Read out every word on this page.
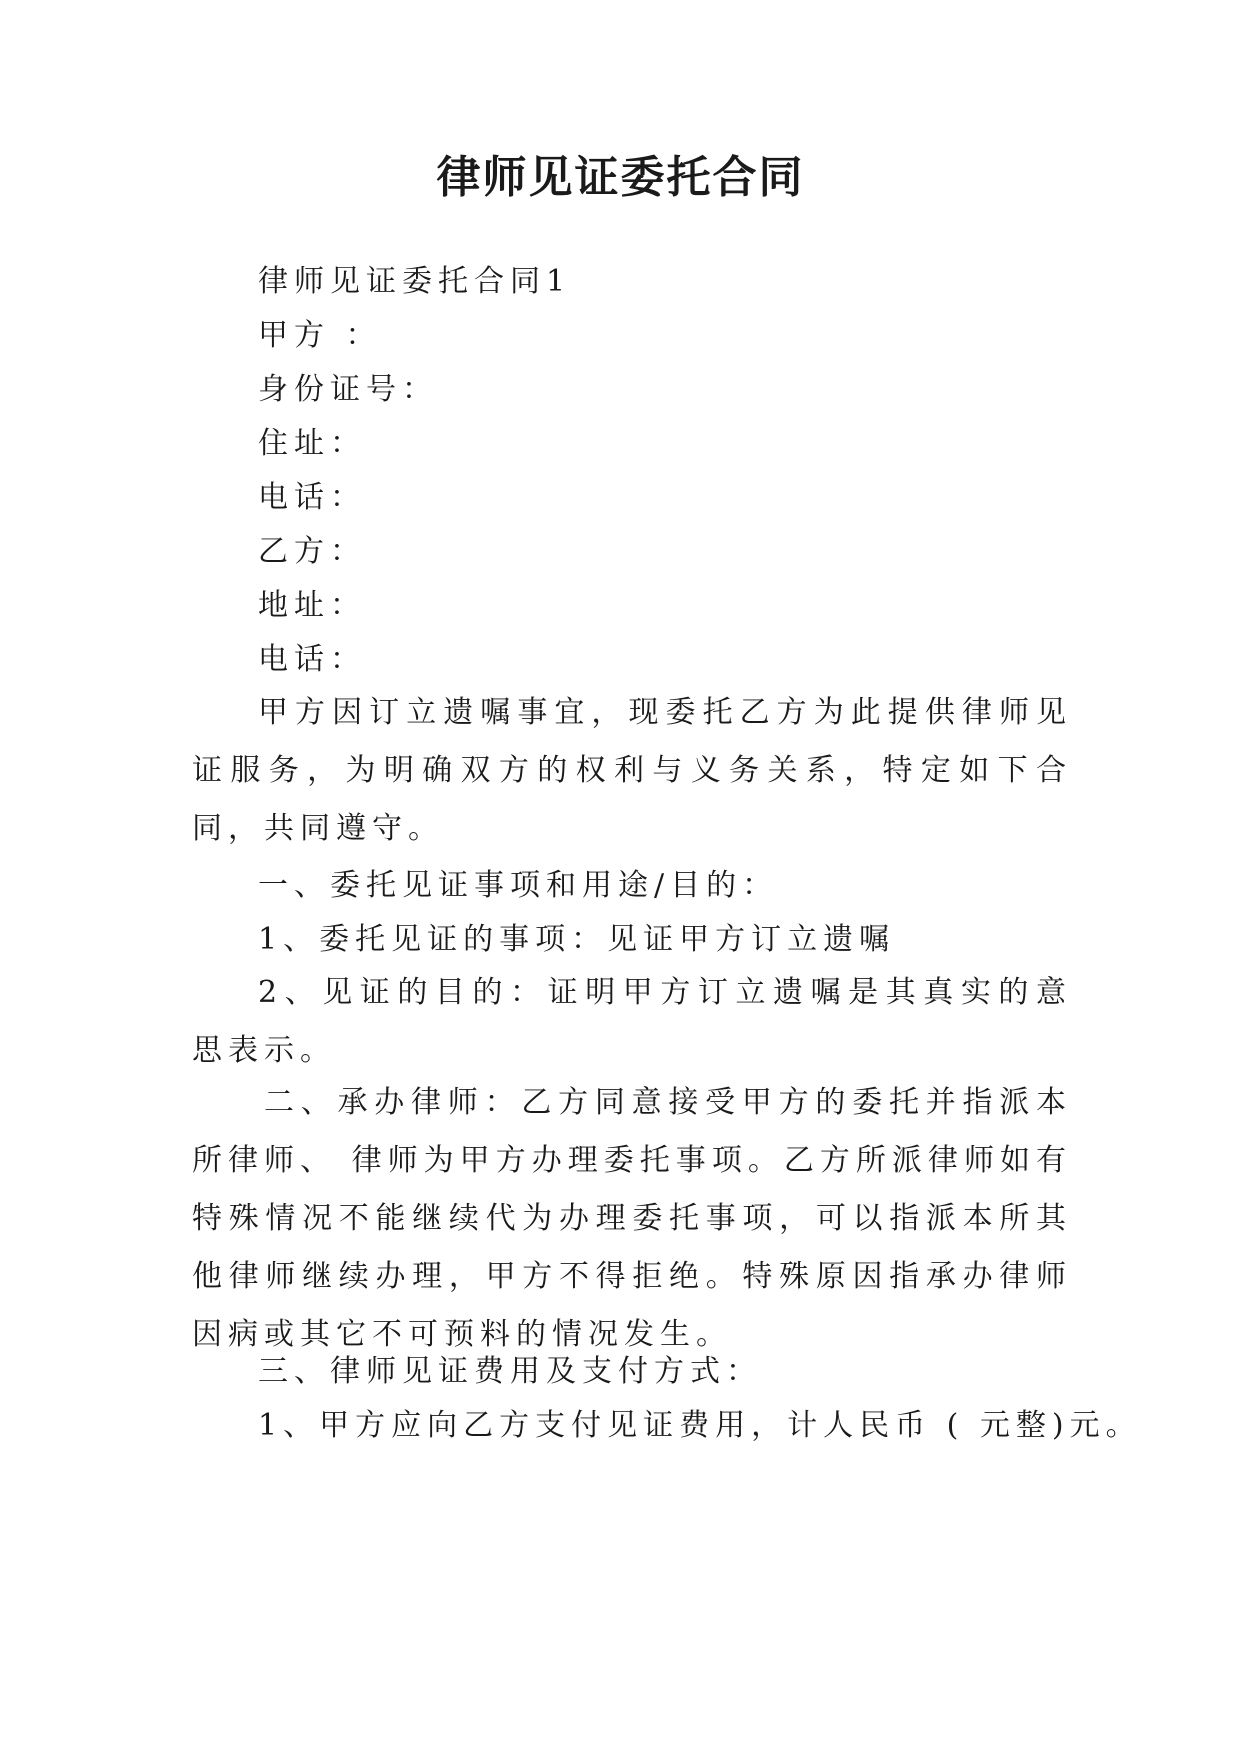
律师见证委托合同

律师见证委托合同1

甲方 ：

身份证号：

住址：

电话：

乙方：

地址：

电话：

甲方因订立遗嘱事宜，现委托乙方为此提供律师见证服务，为明确双方的权利与义务关系，特定如下合同，共同遵守。

一、委托见证事项和用途/目的：

1、委托见证的事项：见证甲方订立遗嘱

2、见证的目的：证明甲方订立遗嘱是其真实的意思表示。

二、承办律师：乙方同意接受甲方的委托并指派本所律师、 律师为甲方办理委托事项。乙方所派律师如有特殊情况不能继续代为办理委托事项，可以指派本所其他律师继续办理，甲方不得拒绝。特殊原因指承办律师因病或其它不可预料的情况发生。

三、律师见证费用及支付方式：

1、甲方应向乙方支付见证费用，计人民币 ( 元整)元。
